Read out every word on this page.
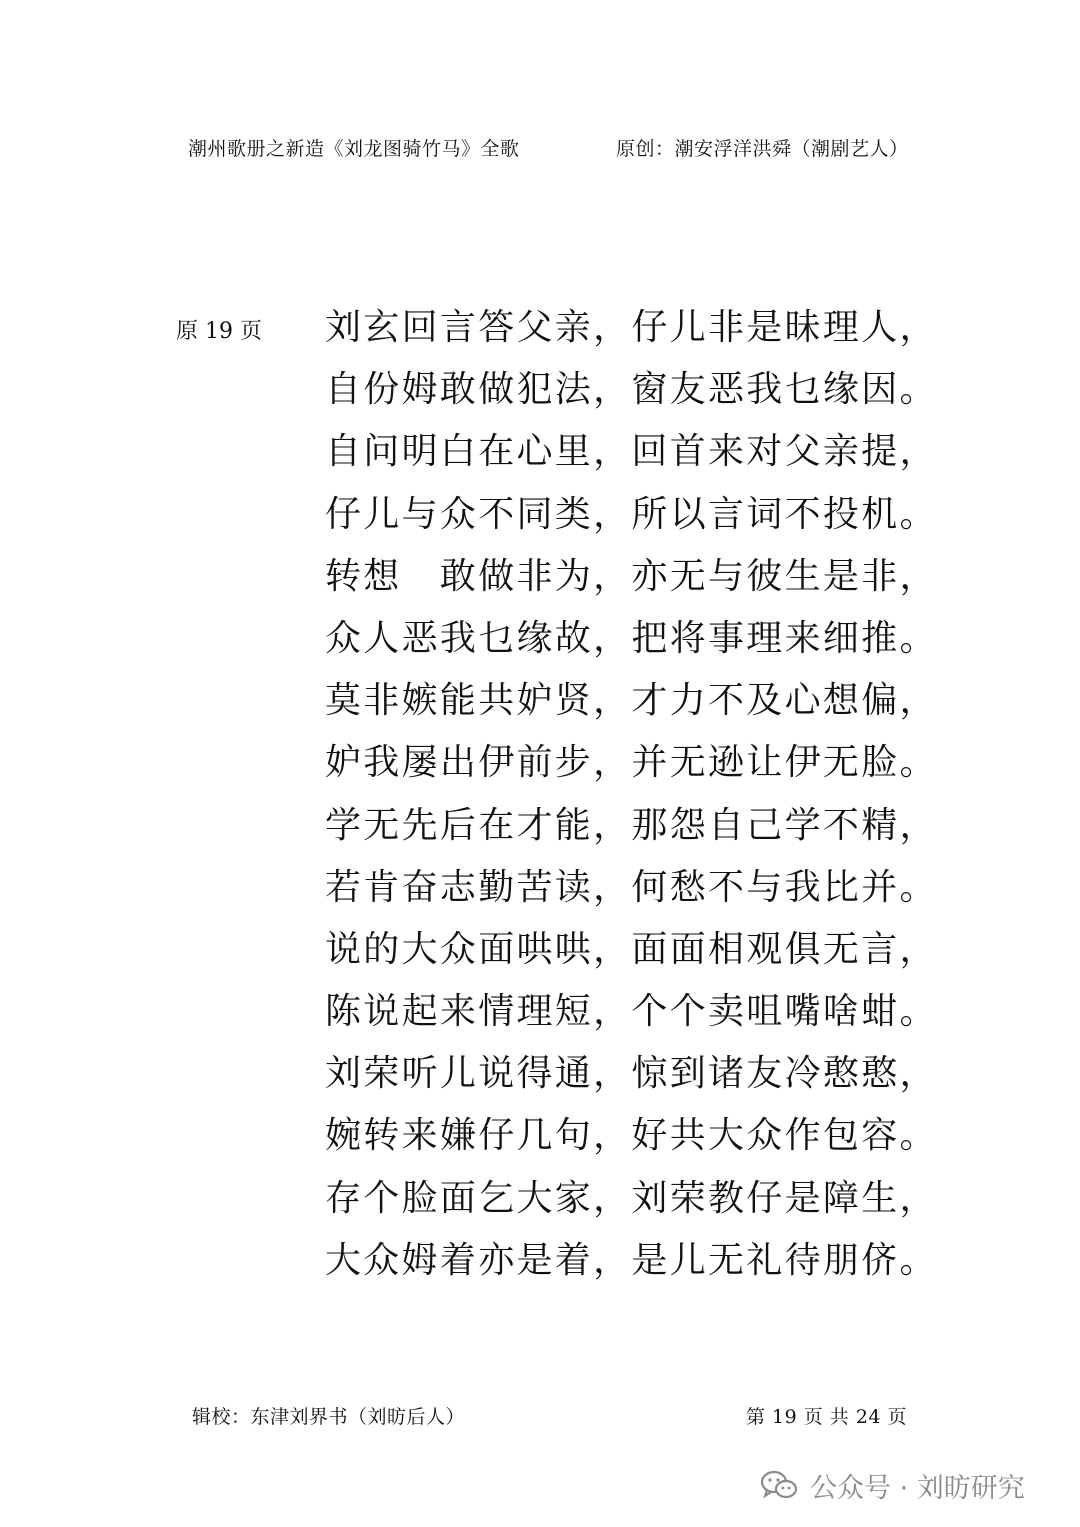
潮州歌册之新造《刘龙图骑竹马》全歌	原创：潮安浮洋洪舜（潮剧艺人）
原 19 页 刘玄回言答父亲，仔儿非是昧理人，
自份姆敢做犯法，窗友恶我乜缘因。
自问明白在心里，回首来对父亲提，
仔儿与众不同类，所以言词不投机。
转想　敢做非为，亦无与彼生是非，
众人恶我乜缘故，把将事理来细推。
莫非嫉能共妒贤，才力不及心想偏，
妒我屡出伊前步，并无逊让伊无脸。
学无先后在才能，那怨自己学不精，
若肯奋志勤苦读，何愁不与我比并。
说的大众面哄哄，面面相观俱无言，
陈说起来情理短，个个卖咀嘴啥蚶。
刘荣听儿说得通，惊到诸友冷憨憨，
婉转来嫌仔几句，好共大众作包容。
存个脸面乞大家，刘荣教仔是障生，
大众姆着亦是着，是儿无礼待朋侪。
辑校：东津刘界书（刘昉后人）	第 19 页 共 24 页
公众号 · 刘昉研究
